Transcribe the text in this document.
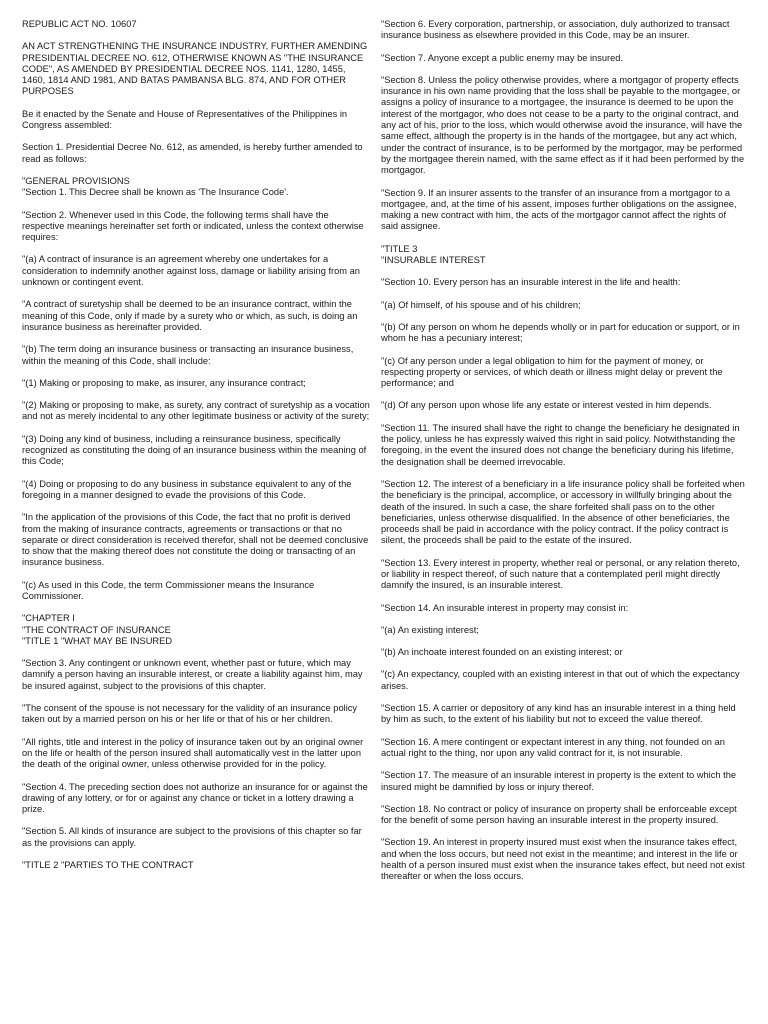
REPUBLIC ACT NO. 10607

AN ACT STRENGTHENING THE INSURANCE INDUSTRY, FURTHER AMENDING PRESIDENTIAL DECREE NO. 612, OTHERWISE KNOWN AS "THE INSURANCE CODE", AS AMENDED BY PRESIDENTIAL DECREE NOS. 1141, 1280, 1455, 1460, 1814 AND 1981, AND BATAS PAMBANSA BLG. 874, AND FOR OTHER PURPOSES

Be it enacted by the Senate and House of Representatives of the Philippines in Congress assembled:

Section 1. Presidential Decree No. 612, as amended, is hereby further amended to read as follows:

"GENERAL PROVISIONS
"Section 1. This Decree shall be known as 'The Insurance Code'.

"Section 2. Whenever used in this Code, the following terms shall have the respective meanings hereinafter set forth or indicated, unless the context otherwise requires:

"(a) A contract of insurance is an agreement whereby one undertakes for a consideration to indemnify another against loss, damage or liability arising from an unknown or contingent event.

"A contract of suretyship shall be deemed to be an insurance contract, within the meaning of this Code, only if made by a surety who or which, as such, is doing an insurance business as hereinafter provided.

"(b) The term doing an insurance business or transacting an insurance business, within the meaning of this Code, shall include:

"(1) Making or proposing to make, as insurer, any insurance contract;

"(2) Making or proposing to make, as surety, any contract of suretyship as a vocation and not as merely incidental to any other legitimate business or activity of the surety;

"(3) Doing any kind of business, including a reinsurance business, specifically recognized as constituting the doing of an insurance business within the meaning of this Code;

"(4) Doing or proposing to do any business in substance equivalent to any of the foregoing in a manner designed to evade the provisions of this Code.

"In the application of the provisions of this Code, the fact that no profit is derived from the making of insurance contracts, agreements or transactions or that no separate or direct consideration is received therefor, shall not be deemed conclusive to show that the making thereof does not constitute the doing or transacting of an insurance business.

"(c) As used in this Code, the term Commissioner means the Insurance Commissioner.

"CHAPTER I
"THE CONTRACT OF INSURANCE
"TITLE 1 "WHAT MAY BE INSURED

"Section 3. Any contingent or unknown event, whether past or future, which may damnify a person having an insurable interest, or create a liability against him, may be insured against, subject to the provisions of this chapter.

"The consent of the spouse is not necessary for the validity of an insurance policy taken out by a married person on his or her life or that of his or her children.

"All rights, title and interest in the policy of insurance taken out by an original owner on the life or health of the person insured shall automatically vest in the latter upon the death of the original owner, unless otherwise provided for in the policy.

"Section 4. The preceding section does not authorize an insurance for or against the drawing of any lottery, or for or against any chance or ticket in a lottery drawing a prize.

"Section 5. All kinds of insurance are subject to the provisions of this chapter so far as the provisions can apply.

"TITLE 2 "PARTIES TO THE CONTRACT

"Section 6. Every corporation, partnership, or association, duly authorized to transact insurance business as elsewhere provided in this Code, may be an insurer.

"Section 7. Anyone except a public enemy may be insured.

"Section 8. Unless the policy otherwise provides, where a mortgagor of property effects insurance in his own name providing that the loss shall be payable to the mortgagee, or assigns a policy of insurance to a mortgagee, the insurance is deemed to be upon the interest of the mortgagor, who does not cease to be a party to the original contract, and any act of his, prior to the loss, which would otherwise avoid the insurance, will have the same effect, although the property is in the hands of the mortgagee, but any act which, under the contract of insurance, is to be performed by the mortgagor, may be performed by the mortgagee therein named, with the same effect as if it had been performed by the mortgagor.

"Section 9. If an insurer assents to the transfer of an insurance from a mortgagor to a mortgagee, and, at the time of his assent, imposes further obligations on the assignee, making a new contract with him, the acts of the mortgagor cannot affect the rights of said assignee.

"TITLE 3
"INSURABLE INTEREST

"Section 10. Every person has an insurable interest in the life and health:

"(a) Of himself, of his spouse and of his children;

"(b) Of any person on whom he depends wholly or in part for education or support, or in whom he has a pecuniary interest;

"(c) Of any person under a legal obligation to him for the payment of money, or respecting property or services, of which death or illness might delay or prevent the performance; and

"(d) Of any person upon whose life any estate or interest vested in him depends.

"Section 11. The insured shall have the right to change the beneficiary he designated in the policy, unless he has expressly waived this right in said policy. Notwithstanding the foregoing, in the event the insured does not change the beneficiary during his lifetime, the designation shall be deemed irrevocable.

"Section 12. The interest of a beneficiary in a life insurance policy shall be forfeited when the beneficiary is the principal, accomplice, or accessory in willfully bringing about the death of the insured. In such a case, the share forfeited shall pass on to the other beneficiaries, unless otherwise disqualified. In the absence of other beneficiaries, the proceeds shall be paid in accordance with the policy contract. If the policy contract is silent, the proceeds shall be paid to the estate of the insured.

"Section 13. Every interest in property, whether real or personal, or any relation thereto, or liability in respect thereof, of such nature that a contemplated peril might directly damnify the insured, is an insurable interest.

"Section 14. An insurable interest in property may consist in:

"(a) An existing interest;

"(b) An inchoate interest founded on an existing interest; or

"(c) An expectancy, coupled with an existing interest in that out of which the expectancy arises.

"Section 15. A carrier or depository of any kind has an insurable interest in a thing held by him as such, to the extent of his liability but not to exceed the value thereof.

"Section 16. A mere contingent or expectant interest in any thing, not founded on an actual right to the thing, nor upon any valid contract for it, is not insurable.

"Section 17. The measure of an insurable interest in property is the extent to which the insured might be damnified by loss or injury thereof.

"Section 18. No contract or policy of insurance on property shall be enforceable except for the benefit of some person having an insurable interest in the property insured.

"Section 19. An interest in property insured must exist when the insurance takes effect, and when the loss occurs, but need not exist in the meantime; and interest in the life or health of a person insured must exist when the insurance takes effect, but need not exist thereafter or when the loss occurs.
